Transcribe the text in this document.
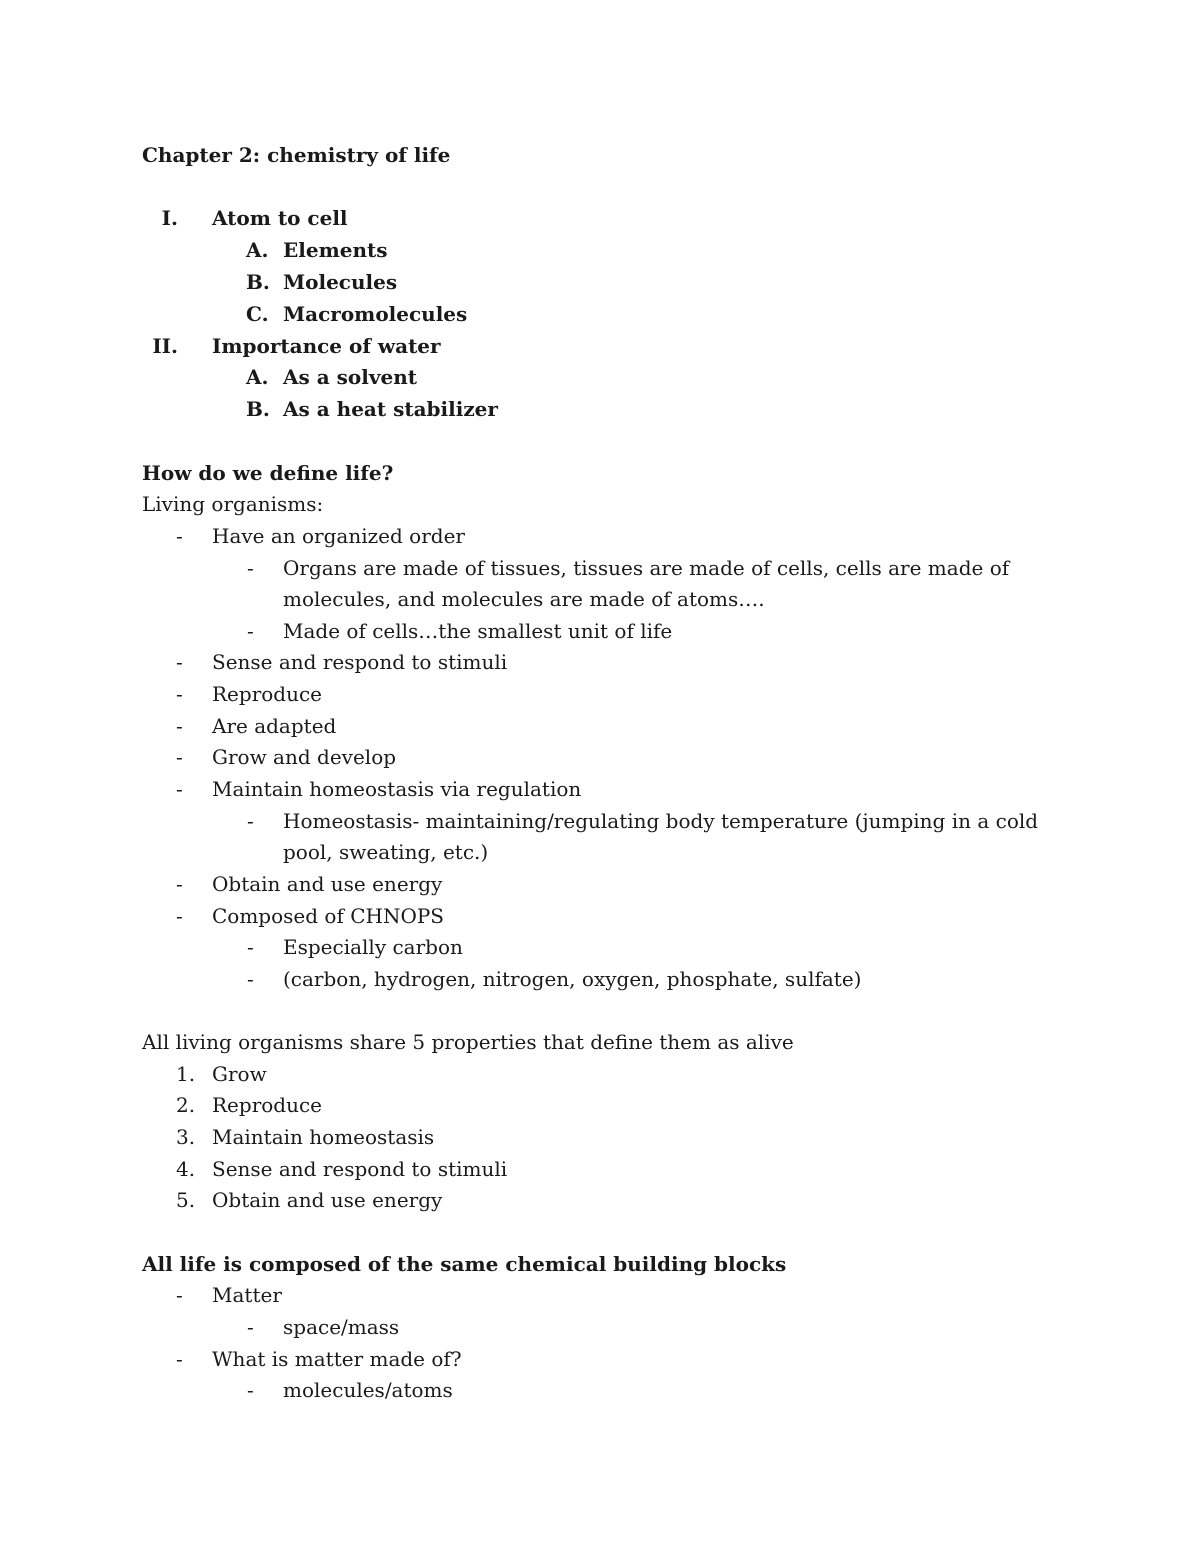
Chapter 2: chemistry of life
I. Atom to cell
A. Elements
B. Molecules
C. Macromolecules
II. Importance of water
A. As a solvent
B. As a heat stabilizer
How do we define life?
Living organisms:
- Have an organized order
- Organs are made of tissues, tissues are made of cells, cells are made of
molecules, and molecules are made of atoms….
- Made of cells…the smallest unit of life
- Sense and respond to stimuli
- Reproduce
- Are adapted
- Grow and develop
- Maintain homeostasis via regulation
- Homeostasis- maintaining/regulating body temperature (jumping in a cold
pool, sweating, etc.)
- Obtain and use energy
- Composed of CHNOPS
- Especially carbon
- (carbon, hydrogen, nitrogen, oxygen, phosphate, sulfate)
All living organisms share 5 properties that define them as alive
1. Grow
2. Reproduce
3. Maintain homeostasis
4. Sense and respond to stimuli
5. Obtain and use energy
All life is composed of the same chemical building blocks
- Matter
- space/mass
- What is matter made of?
- molecules/atoms
